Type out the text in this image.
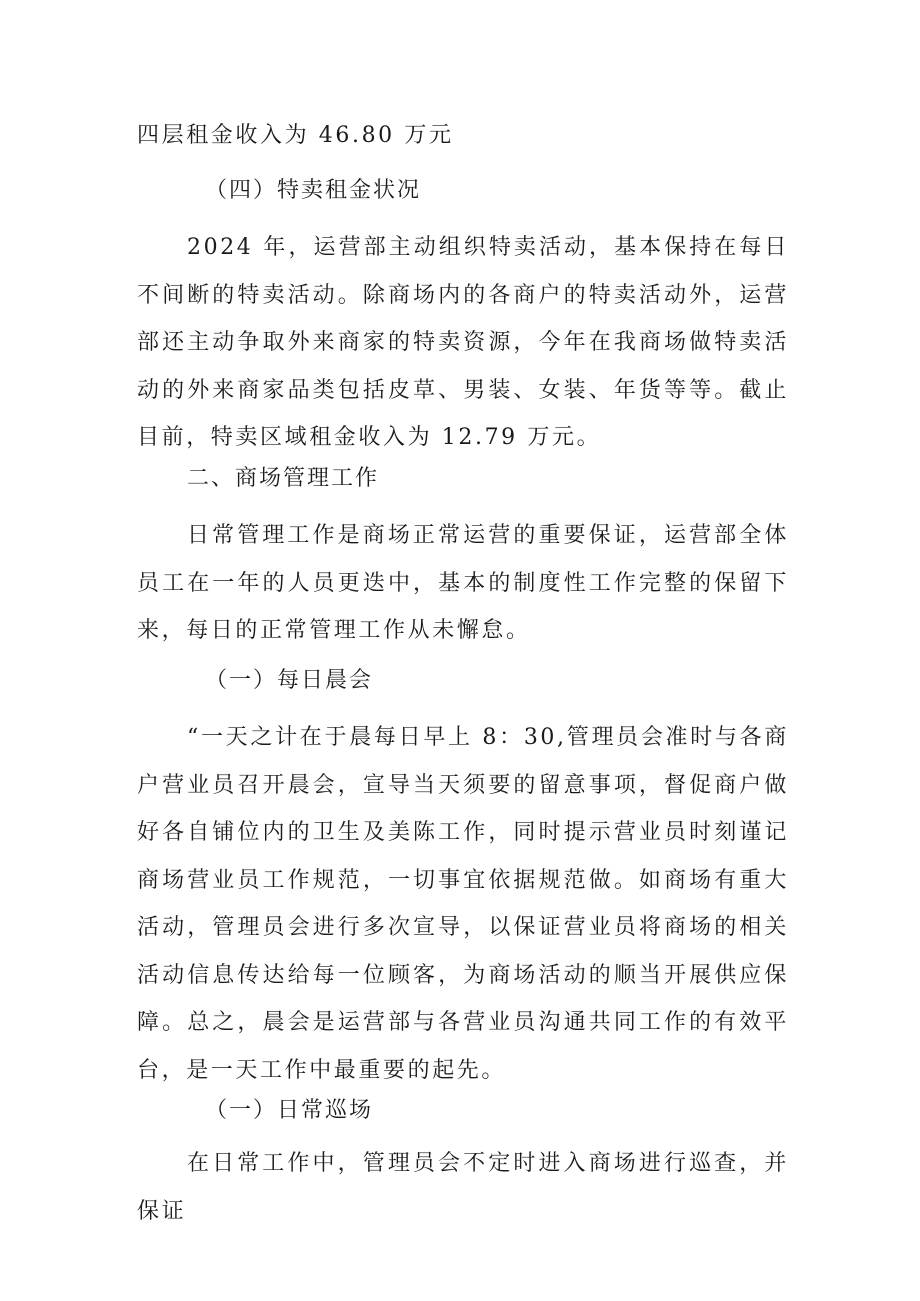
四层租金收入为 46.80 万元

（四）特卖租金状况

2024 年，运营部主动组织特卖活动，基本保持在每日不间断的特卖活动。除商场内的各商户的特卖活动外，运营部还主动争取外来商家的特卖资源，今年在我商场做特卖活动的外来商家品类包括皮草、男装、女装、年货等等。截止目前，特卖区域租金收入为 12.79 万元。

二、商场管理工作

日常管理工作是商场正常运营的重要保证，运营部全体员工在一年的人员更迭中，基本的制度性工作完整的保留下来，每日的正常管理工作从未懈怠。

（一）每日晨会

“一天之计在于晨每日早上 8：30,管理员会准时与各商户营业员召开晨会，宣导当天须要的留意事项，督促商户做好各自铺位内的卫生及美陈工作，同时提示营业员时刻谨记商场营业员工作规范，一切事宜依据规范做。如商场有重大活动，管理员会进行多次宣导，以保证营业员将商场的相关活动信息传达给每一位顾客，为商场活动的顺当开展供应保障。总之，晨会是运营部与各营业员沟通共同工作的有效平台，是一天工作中最重要的起先。

（一）日常巡场

在日常工作中，管理员会不定时进入商场进行巡查，并保证
